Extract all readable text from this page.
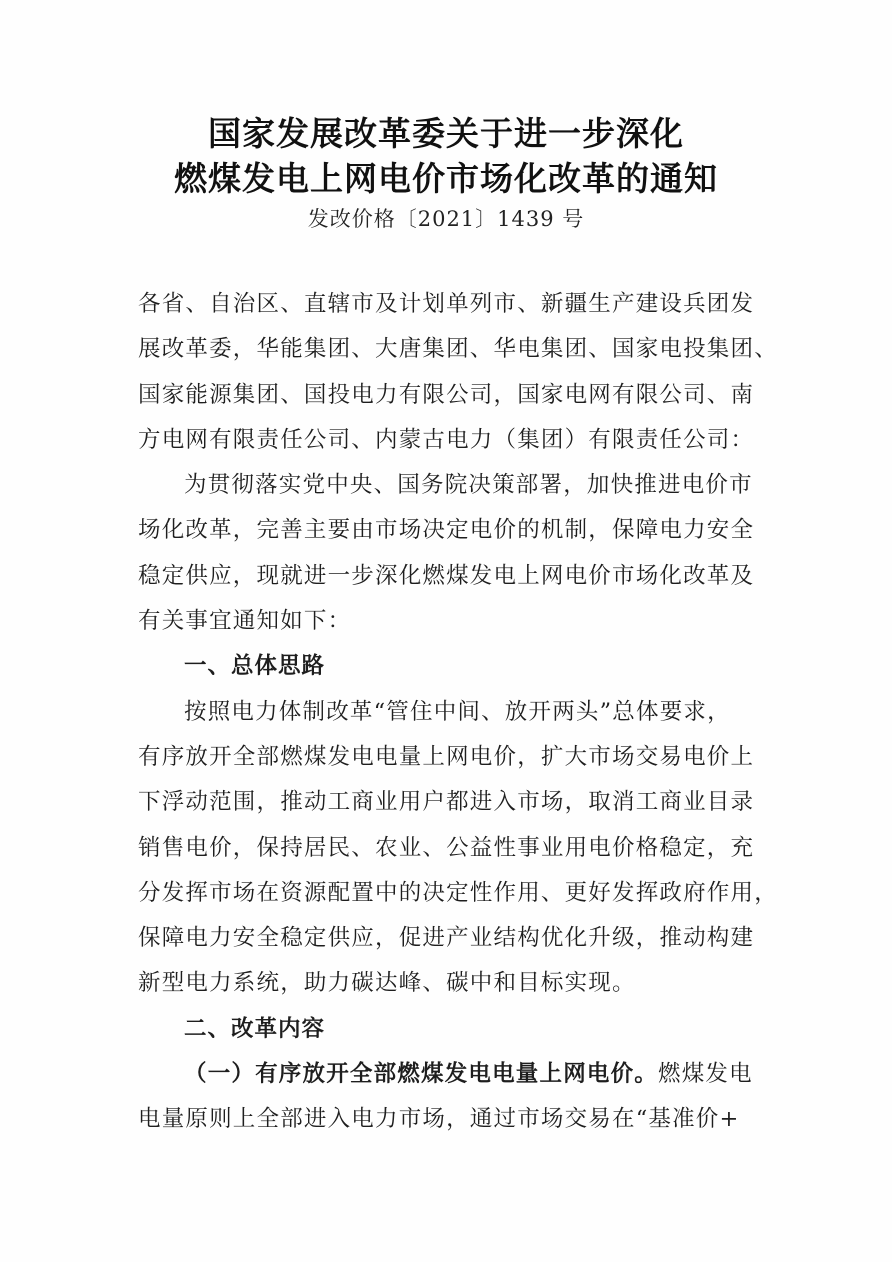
国家发展改革委关于进一步深化
燃煤发电上网电价市场化改革的通知
发改价格〔2021〕1439 号
各省、自治区、直辖市及计划单列市、新疆生产建设兵团发
展改革委，华能集团、大唐集团、华电集团、国家电投集团、
国家能源集团、国投电力有限公司，国家电网有限公司、南
方电网有限责任公司、内蒙古电力（集团）有限责任公司：
为贯彻落实党中央、国务院决策部署，加快推进电价市
场化改革，完善主要由市场决定电价的机制，保障电力安全
稳定供应，现就进一步深化燃煤发电上网电价市场化改革及
有关事宜通知如下：
一、总体思路
按照电力体制改革“管住中间、放开两头”总体要求，
有序放开全部燃煤发电电量上网电价，扩大市场交易电价上
下浮动范围，推动工商业用户都进入市场，取消工商业目录
销售电价，保持居民、农业、公益性事业用电价格稳定，充
分发挥市场在资源配置中的决定性作用、更好发挥政府作用，
保障电力安全稳定供应，促进产业结构优化升级，推动构建
新型电力系统，助力碳达峰、碳中和目标实现。
二、改革内容
（一）有序放开全部燃煤发电电量上网电价。燃煤发电
电量原则上全部进入电力市场，通过市场交易在“基准价+
